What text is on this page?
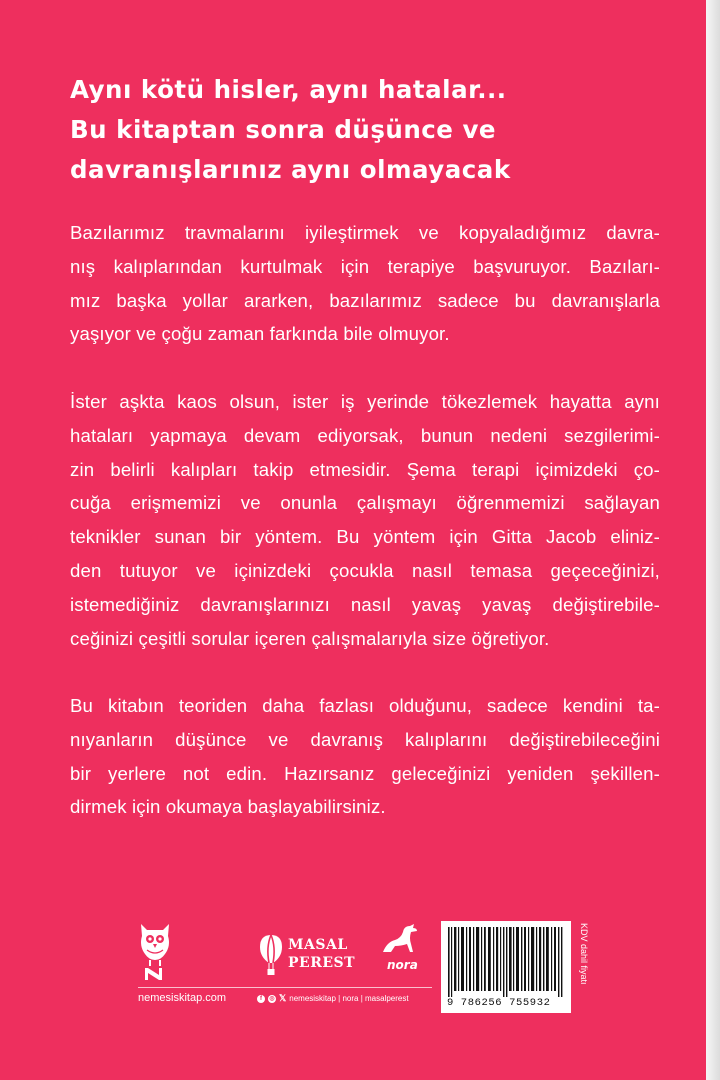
Aynı kötü hisler, aynı hatalar...
Bu kitaptan sonra düşünce ve
davranışlarınız aynı olmayacak
Bazılarımız travmalarını iyileştirmek ve kopyaladığımız davra-
nış kalıplarından kurtulmak için terapiye başvuruyor. Bazıları-
mız başka yollar ararken, bazılarımız sadece bu davranışlarla
yaşıyor ve çoğu zaman farkında bile olmuyor.
İster aşkta kaos olsun, ister iş yerinde tökezlemek hayatta aynı
hataları yapmaya devam ediyorsak, bunun nedeni sezgilerimi-
zin belirli kalıpları takip etmesidir. Şema terapi içimizdeki ço-
cuğa erişmemizi ve onunla çalışmayı öğrenmemizi sağlayan
teknikler sunan bir yöntem. Bu yöntem için Gitta Jacob eliniz-
den tutuyor ve içinizdeki çocukla nasıl temasa geçeceğinizi,
istemediğiniz davranışlarınızı nasıl yavaş yavaş değiştirebile-
ceğinizi çeşitli sorular içeren çalışmalarıyla size öğretiyor.
Bu kitabın teoriden daha fazlası olduğunu, sadece kendini ta-
nıyanların düşünce ve davranış kalıplarını değiştirebileceğini
bir yerlere not edin. Hazırsanız geleceğinizi yeniden şekillen-
dirmek için okumaya başlayabilirsiniz.
MASAL
PEREST	nora
nemesiskitap.com	f	◎ 𝕏 nemesiskitap | nora | masalperest	9 786256 755932
KDV dahil fiyatı
